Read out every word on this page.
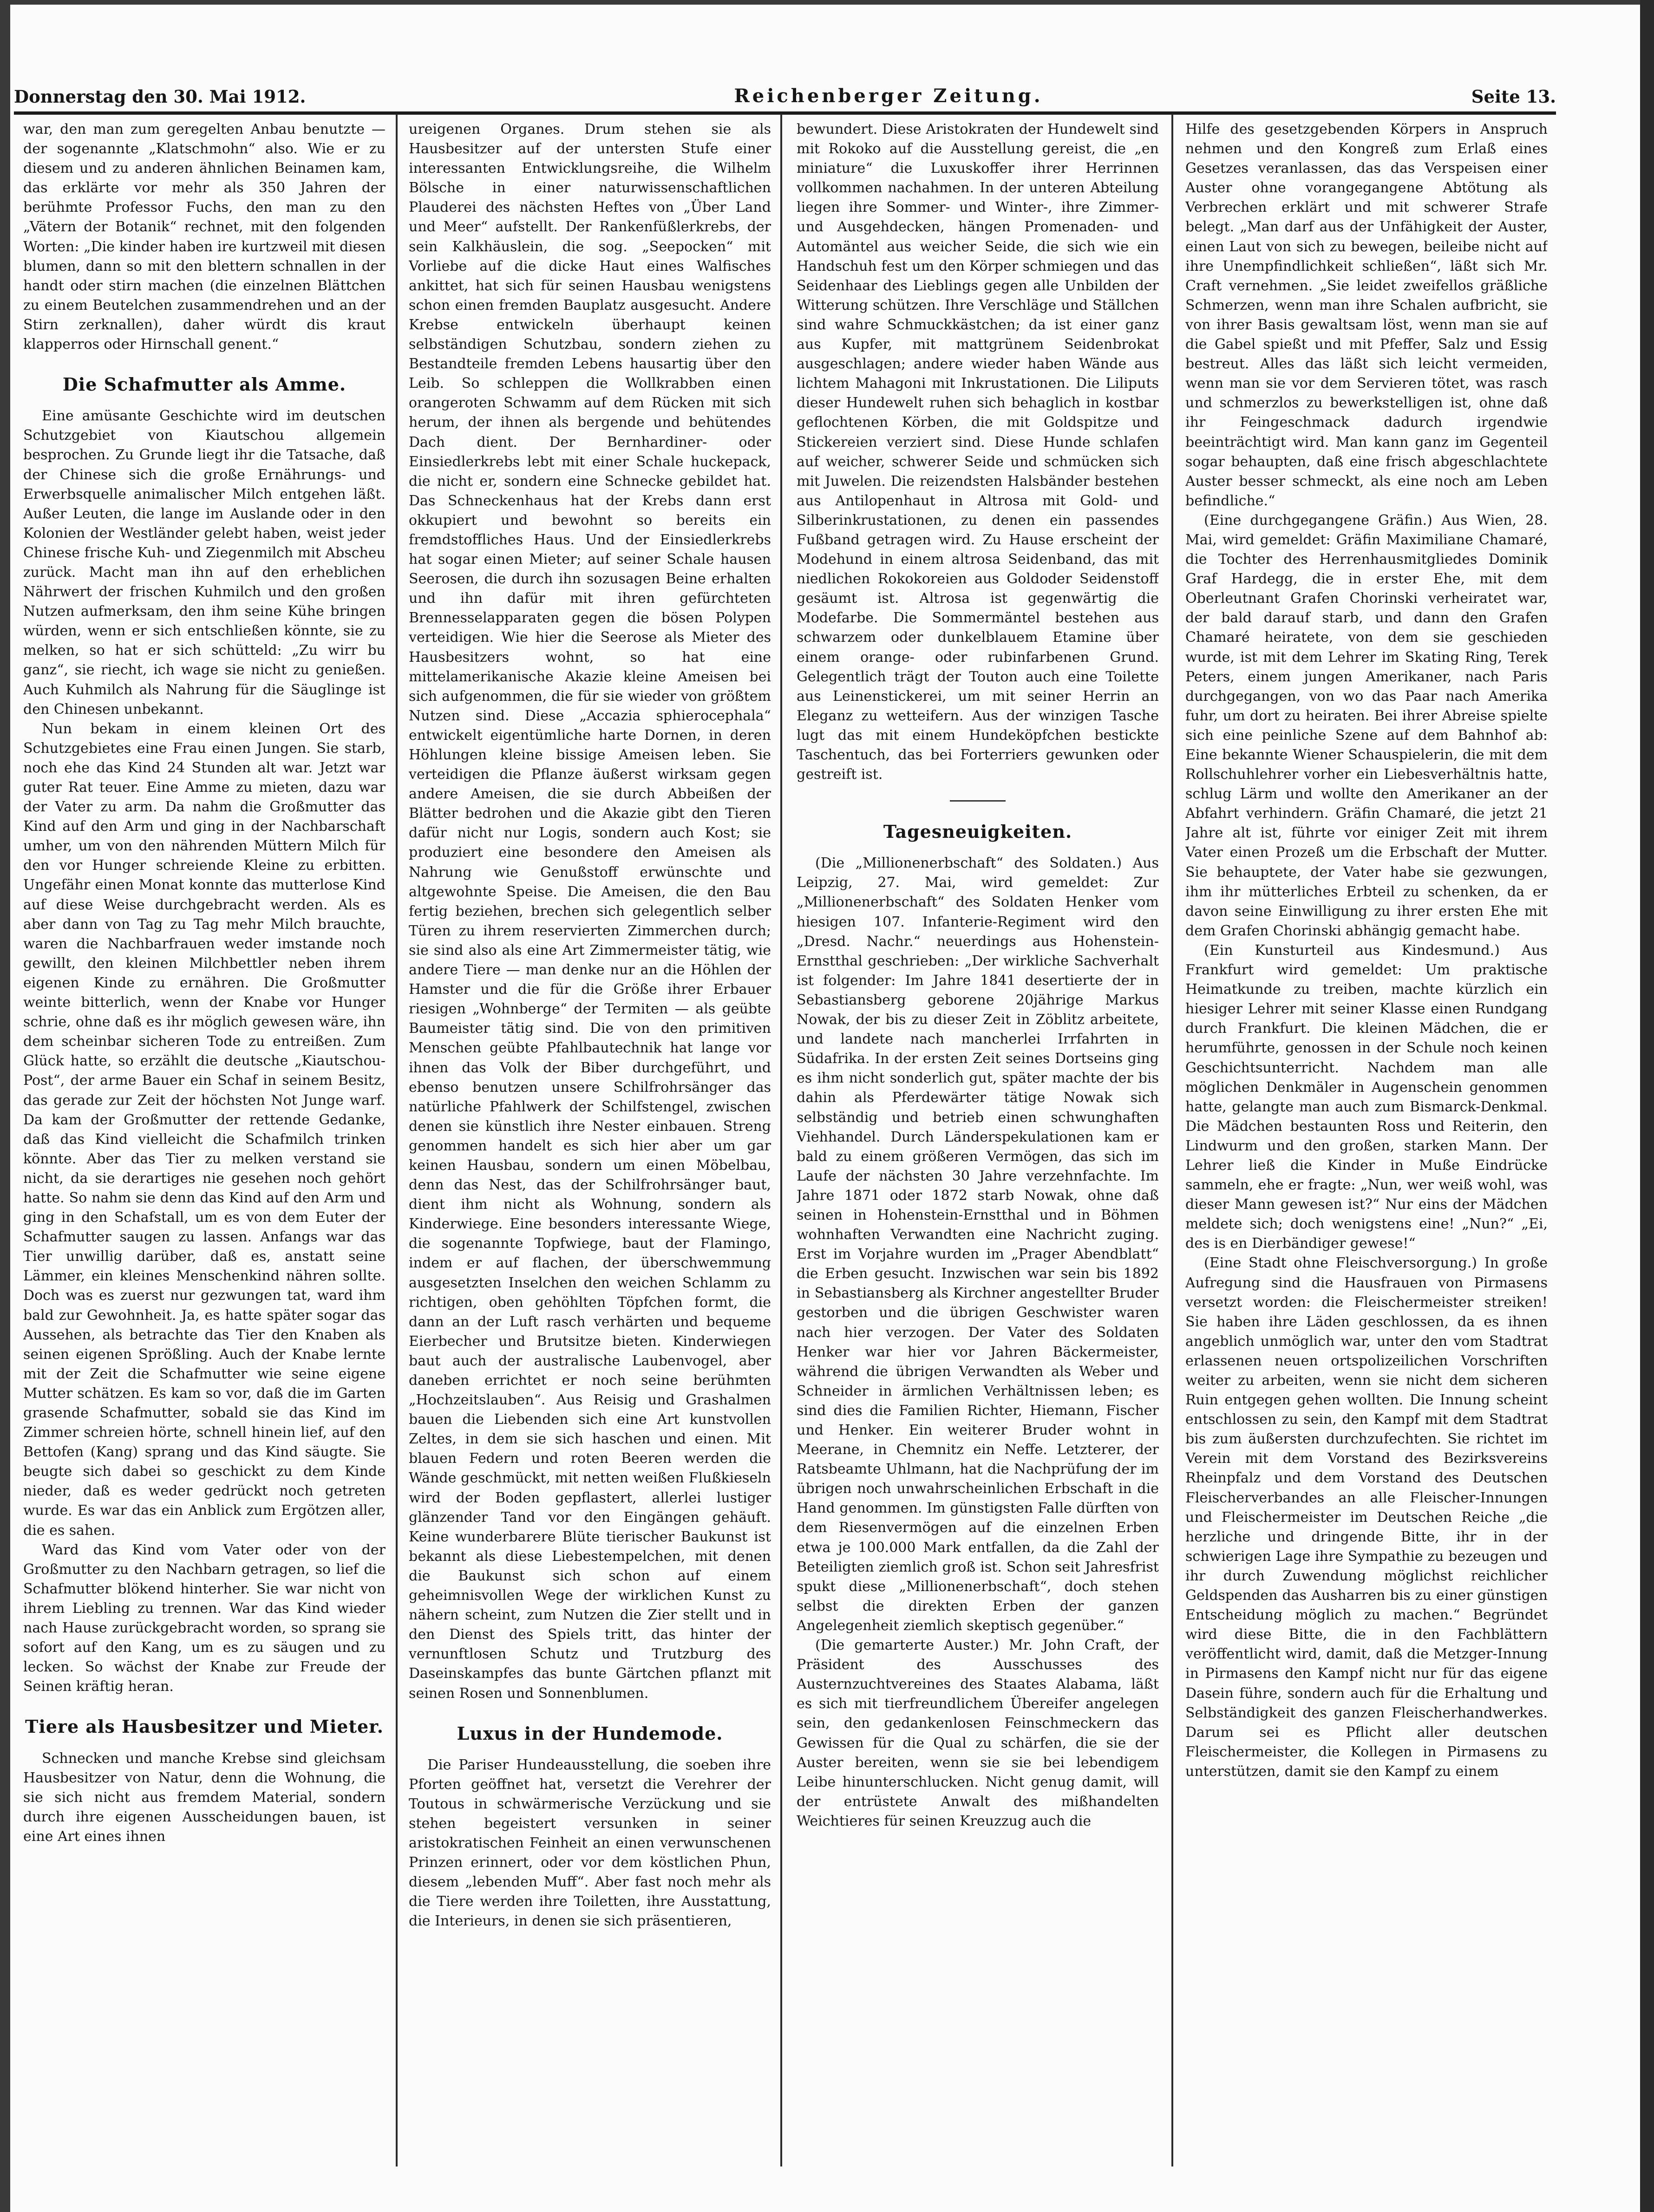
Donnerstag den 30. Mai 1912.	Reichenberger Zeitung.	Seite 13.

war, den man zum geregelten Anbau benutzte — der sogenannte „Klatschmohn“ also. Wie er zu diesem und zu anderen ähnlichen Beinamen kam, das erklärte vor mehr als 350 Jahren der berühmte Professor Fuchs, den man zu den „Vätern der Botanik“ rechnet, mit den folgenden Worten: „Die kinder haben ire kurtzweil mit diesen blumen, dann so mit den blettern schnallen in der handt oder stirn machen (die einzelnen Blättchen zu einem Beutelchen zusammendrehen und an der Stirn zerknallen), daher würdt dis kraut klapperros oder Hirnschall genent.“

Die Schafmutter als Amme.

Eine amüsante Geschichte wird im deutschen Schutzgebiet von Kiautschou allgemein besprochen. Zu Grunde liegt ihr die Tatsache, daß der Chinese sich die große Ernährungs- und Erwerbsquelle animalischer Milch entgehen läßt. Außer Leuten, die lange im Auslande oder in den Kolonien der Westländer gelebt haben, weist jeder Chinese frische Kuh- und Ziegenmilch mit Abscheu zurück. Macht man ihn auf den erheblichen Nährwert der frischen Kuhmilch und den großen Nutzen aufmerksam, den ihm seine Kühe bringen würden, wenn er sich entschließen könnte, sie zu melken, so hat er sich schütteld: „Zu wirr bu ganz“, sie riecht, ich wage sie nicht zu genießen. Auch Kuhmilch als Nahrung für die Säuglinge ist den Chinesen unbekannt.

Nun bekam in einem kleinen Ort des Schutzgebietes eine Frau einen Jungen. Sie starb, noch ehe das Kind 24 Stunden alt war. Jetzt war guter Rat teuer. Eine Amme zu mieten, dazu war der Vater zu arm. Da nahm die Großmutter das Kind auf den Arm und ging in der Nachbarschaft umher, um von den nährenden Müttern Milch für den vor Hunger schreiende Kleine zu erbitten. Ungefähr einen Monat konnte das mutterlose Kind auf diese Weise durchgebracht werden. Als es aber dann von Tag zu Tag mehr Milch brauchte, waren die Nachbarfrauen weder imstande noch gewillt, den kleinen Milchbettler neben ihrem eigenen Kinde zu ernähren. Die Großmutter weinte bitterlich, wenn der Knabe vor Hunger schrie, ohne daß es ihr möglich gewesen wäre, ihn dem scheinbar sicheren Tode zu entreißen. Zum Glück hatte, so erzählt die deutsche „Kiautschou-Post“, der arme Bauer ein Schaf in seinem Besitz, das gerade zur Zeit der höchsten Not Junge warf. Da kam der Großmutter der rettende Gedanke, daß das Kind vielleicht die Schafmilch trinken könnte. Aber das Tier zu melken verstand sie nicht, da sie derartiges nie gesehen noch gehört hatte. So nahm sie denn das Kind auf den Arm und ging in den Schafstall, um es von dem Euter der Schafmutter saugen zu lassen. Anfangs war das Tier unwillig darüber, daß es, anstatt seine Lämmer, ein kleines Menschenkind nähren sollte. Doch was es zuerst nur gezwungen tat, ward ihm bald zur Gewohnheit. Ja, es hatte später sogar das Aussehen, als betrachte das Tier den Knaben als seinen eigenen Sprößling. Auch der Knabe lernte mit der Zeit die Schafmutter wie seine eigene Mutter schätzen. Es kam so vor, daß die im Garten grasende Schafmutter, sobald sie das Kind im Zimmer schreien hörte, schnell hinein lief, auf den Bettofen (Kang) sprang und das Kind säugte. Sie beugte sich dabei so geschickt zu dem Kinde nieder, daß es weder gedrückt noch getreten wurde. Es war das ein Anblick zum Ergötzen aller, die es sahen.

Ward das Kind vom Vater oder von der Großmutter zu den Nachbarn getragen, so lief die Schafmutter blökend hinterher. Sie war nicht von ihrem Liebling zu trennen. War das Kind wieder nach Hause zurückgebracht worden, so sprang sie sofort auf den Kang, um es zu säugen und zu lecken. So wächst der Knabe zur Freude der Seinen kräftig heran.

Tiere als Hausbesitzer und Mieter.

Schnecken und manche Krebse sind gleichsam Hausbesitzer von Natur, denn die Wohnung, die sie sich nicht aus fremdem Material, sondern durch ihre eigenen Ausscheidungen bauen, ist eine Art eines ihnen

ureigenen Organes. Drum stehen sie als Hausbesitzer auf der untersten Stufe einer interessanten Entwicklungsreihe, die Wilhelm Bölsche in einer naturwissenschaftlichen Plauderei des nächsten Heftes von „Über Land und Meer“ aufstellt. Der Rankenfüßlerkrebs, der sein Kalkhäuslein, die sog. „Seepocken“ mit Vorliebe auf die dicke Haut eines Walfisches ankittet, hat sich für seinen Hausbau wenigstens schon einen fremden Bauplatz ausgesucht. Andere Krebse entwickeln überhaupt keinen selbständigen Schutzbau, sondern ziehen zu Bestandteile fremden Lebens hausartig über den Leib. So schleppen die Wollkrabben einen orangeroten Schwamm auf dem Rücken mit sich herum, der ihnen als bergende und behütendes Dach dient. Der Bernhardiner- oder Einsiedlerkrebs lebt mit einer Schale huckepack, die nicht er, sondern eine Schnecke gebildet hat. Das Schneckenhaus hat der Krebs dann erst okkupiert und bewohnt so bereits ein fremdstoffliches Haus. Und der Einsiedlerkrebs hat sogar einen Mieter; auf seiner Schale hausen Seerosen, die durch ihn sozusagen Beine erhalten und ihn dafür mit ihren gefürchteten Brennesselapparaten gegen die bösen Polypen verteidigen. Wie hier die Seerose als Mieter des Hausbesitzers wohnt, so hat eine mittelamerikanische Akazie kleine Ameisen bei sich aufgenommen, die für sie wieder von größtem Nutzen sind. Diese „Accazia sphierocephala“ entwickelt eigentümliche harte Dornen, in deren Höhlungen kleine bissige Ameisen leben. Sie verteidigen die Pflanze äußerst wirksam gegen andere Ameisen, die sie durch Abbeißen der Blätter bedrohen und die Akazie gibt den Tieren dafür nicht nur Logis, sondern auch Kost; sie produziert eine besondere den Ameisen als Nahrung wie Genußstoff erwünschte und altgewohnte Speise. Die Ameisen, die den Bau fertig beziehen, brechen sich gelegentlich selber Türen zu ihrem reservierten Zimmerchen durch; sie sind also als eine Art Zimmermeister tätig, wie andere Tiere — man denke nur an die Höhlen der Hamster und die für die Größe ihrer Erbauer riesigen „Wohnberge“ der Termiten — als geübte Baumeister tätig sind. Die von den primitiven Menschen geübte Pfahlbautechnik hat lange vor ihnen das Volk der Biber durchgeführt, und ebenso benutzen unsere Schilfrohrsänger das natürliche Pfahlwerk der Schilfstengel, zwischen denen sie künstlich ihre Nester einbauen. Streng genommen handelt es sich hier aber um gar keinen Hausbau, sondern um einen Möbelbau, denn das Nest, das der Schilfrohrsänger baut, dient ihm nicht als Wohnung, sondern als Kinderwiege. Eine besonders interessante Wiege, die sogenannte Topfwiege, baut der Flamingo, indem er auf flachen, der überschwemmung ausgesetzten Inselchen den weichen Schlamm zu richtigen, oben gehöhlten Töpfchen formt, die dann an der Luft rasch verhärten und bequeme Eierbecher und Brutsitze bieten. Kinderwiegen baut auch der australische Laubenvogel, aber daneben errichtet er noch seine berühmten „Hochzeitslauben“. Aus Reisig und Grashalmen bauen die Liebenden sich eine Art kunstvollen Zeltes, in dem sie sich haschen und einen. Mit blauen Federn und roten Beeren werden die Wände geschmückt, mit netten weißen Flußkieseln wird der Boden gepflastert, allerlei lustiger glänzender Tand vor den Eingängen gehäuft. Keine wunderbarere Blüte tierischer Baukunst ist bekannt als diese Liebestempelchen, mit denen die Baukunst sich schon auf einem geheimnisvollen Wege der wirklichen Kunst zu nähern scheint, zum Nutzen die Zier stellt und in den Dienst des Spiels tritt, das hinter der vernunftlosen Schutz und Trutzburg des Daseinskampfes das bunte Gärtchen pflanzt mit seinen Rosen und Sonnenblumen.

Luxus in der Hundemode.

Die Pariser Hundeausstellung, die soeben ihre Pforten geöffnet hat, versetzt die Verehrer der Toutous in schwärmerische Verzückung und sie stehen begeistert versunken in seiner aristokratischen Feinheit an einen verwunschenen Prinzen erinnert, oder vor dem köstlichen Phun, diesem „lebenden Muff“. Aber fast noch mehr als die Tiere werden ihre Toiletten, ihre Ausstattung, die Interieurs, in denen sie sich präsentieren,

bewundert. Diese Aristokraten der Hundewelt sind mit Rokoko auf die Ausstellung gereist, die „en miniature“ die Luxuskoffer ihrer Herrinnen vollkommen nachahmen. In der unteren Abteilung liegen ihre Sommer- und Winter-, ihre Zimmer- und Ausgehdecken, hängen Promenaden- und Automäntel aus weicher Seide, die sich wie ein Handschuh fest um den Körper schmiegen und das Seidenhaar des Lieblings gegen alle Unbilden der Witterung schützen. Ihre Verschläge und Ställchen sind wahre Schmuckkästchen; da ist einer ganz aus Kupfer, mit mattgrünem Seidenbrokat ausgeschlagen; andere wieder haben Wände aus lichtem Mahagoni mit Inkrustationen. Die Liliputs dieser Hundewelt ruhen sich behaglich in kostbar geflochtenen Körben, die mit Goldspitze und Stickereien verziert sind. Diese Hunde schlafen auf weicher, schwerer Seide und schmücken sich mit Juwelen. Die reizendsten Halsbänder bestehen aus Antilopenhaut in Altrosa mit Gold- und Silberinkrustationen, zu denen ein passendes Fußband getragen wird. Zu Hause erscheint der Modehund in einem altrosa Seidenband, das mit niedlichen Rokokoreien aus Goldoder Seidenstoff gesäumt ist. Altrosa ist gegenwärtig die Modefarbe. Die Sommermäntel bestehen aus schwarzem oder dunkelblauem Etamine über einem orange- oder rubinfarbenen Grund. Gelegentlich trägt der Touton auch eine Toilette aus Leinenstickerei, um mit seiner Herrin an Eleganz zu wetteifern. Aus der winzigen Tasche lugt das mit einem Hundeköpfchen bestickte Taschentuch, das bei Forterriers gewunken oder gestreift ist.

Tagesneuigkeiten.

(Die „Millionenerbschaft“ des Soldaten.) Aus Leipzig, 27. Mai, wird gemeldet: Zur „Millionenerbschaft“ des Soldaten Henker vom hiesigen 107. Infanterie-Regiment wird den „Dresd. Nachr.“ neuerdings aus Hohenstein-Ernstthal geschrieben: „Der wirkliche Sachverhalt ist folgender: Im Jahre 1841 desertierte der in Sebastiansberg geborene 20jährige Markus Nowak, der bis zu dieser Zeit in Zöblitz arbeitete, und landete nach mancherlei Irrfahrten in Südafrika. In der ersten Zeit seines Dortseins ging es ihm nicht sonderlich gut, später machte der bis dahin als Pferdewärter tätige Nowak sich selbständig und betrieb einen schwunghaften Viehhandel. Durch Länderspekulationen kam er bald zu einem größeren Vermögen, das sich im Laufe der nächsten 30 Jahre verzehnfachte. Im Jahre 1871 oder 1872 starb Nowak, ohne daß seinen in Hohenstein-Ernstthal und in Böhmen wohnhaften Verwandten eine Nachricht zuging. Erst im Vorjahre wurden im „Prager Abendblatt“ die Erben gesucht. Inzwischen war sein bis 1892 in Sebastiansberg als Kirchner angestellter Bruder gestorben und die übrigen Geschwister waren nach hier verzogen. Der Vater des Soldaten Henker war hier vor Jahren Bäckermeister, während die übrigen Verwandten als Weber und Schneider in ärmlichen Verhältnissen leben; es sind dies die Familien Richter, Hiemann, Fischer und Henker. Ein weiterer Bruder wohnt in Meerane, in Chemnitz ein Neffe. Letzterer, der Ratsbeamte Uhlmann, hat die Nachprüfung der im übrigen noch unwahrscheinlichen Erbschaft in die Hand genommen. Im günstigsten Falle dürften von dem Riesenvermögen auf die einzelnen Erben etwa je 100.000 Mark entfallen, da die Zahl der Beteiligten ziemlich groß ist. Schon seit Jahresfrist spukt diese „Millionenerbschaft“, doch stehen selbst die direkten Erben der ganzen Angelegenheit ziemlich skeptisch gegenüber.“

(Die gemarterte Auster.) Mr. John Craft, der Präsident des Ausschusses des Austernzuchtvereines des Staates Alabama, läßt es sich mit tierfreundlichem Übereifer angelegen sein, den gedankenlosen Feinschmeckern das Gewissen für die Qual zu schärfen, die sie der Auster bereiten, wenn sie sie bei lebendigem Leibe hinunterschlucken. Nicht genug damit, will der entrüstete Anwalt des mißhandelten Weichtieres für seinen Kreuzzug auch die

Hilfe des gesetzgebenden Körpers in Anspruch nehmen und den Kongreß zum Erlaß eines Gesetzes veranlassen, das das Verspeisen einer Auster ohne vorangegangene Abtötung als Verbrechen erklärt und mit schwerer Strafe belegt. „Man darf aus der Unfähigkeit der Auster, einen Laut von sich zu bewegen, beileibe nicht auf ihre Unempfindlichkeit schließen“, läßt sich Mr. Craft vernehmen. „Sie leidet zweifellos gräßliche Schmerzen, wenn man ihre Schalen aufbricht, sie von ihrer Basis gewaltsam löst, wenn man sie auf die Gabel spießt und mit Pfeffer, Salz und Essig bestreut. Alles das läßt sich leicht vermeiden, wenn man sie vor dem Servieren tötet, was rasch und schmerzlos zu bewerkstelligen ist, ohne daß ihr Feingeschmack dadurch irgendwie beeinträchtigt wird. Man kann ganz im Gegenteil sogar behaupten, daß eine frisch abgeschlachtete Auster besser schmeckt, als eine noch am Leben befindliche.“

(Eine durchgegangene Gräfin.) Aus Wien, 28. Mai, wird gemeldet: Gräfin Maximiliane Chamaré, die Tochter des Herrenhausmitgliedes Dominik Graf Hardegg, die in erster Ehe, mit dem Oberleutnant Grafen Chorinski verheiratet war, der bald darauf starb, und dann den Grafen Chamaré heiratete, von dem sie geschieden wurde, ist mit dem Lehrer im Skating Ring, Terek Peters, einem jungen Amerikaner, nach Paris durchgegangen, von wo das Paar nach Amerika fuhr, um dort zu heiraten. Bei ihrer Abreise spielte sich eine peinliche Szene auf dem Bahnhof ab: Eine bekannte Wiener Schauspielerin, die mit dem Rollschuhlehrer vorher ein Liebesverhältnis hatte, schlug Lärm und wollte den Amerikaner an der Abfahrt verhindern. Gräfin Chamaré, die jetzt 21 Jahre alt ist, führte vor einiger Zeit mit ihrem Vater einen Prozeß um die Erbschaft der Mutter. Sie behauptete, der Vater habe sie gezwungen, ihm ihr mütterliches Erbteil zu schenken, da er davon seine Einwilligung zu ihrer ersten Ehe mit dem Grafen Chorinski abhängig gemacht habe.

(Ein Kunsturteil aus Kindesmund.) Aus Frankfurt wird gemeldet: Um praktische Heimatkunde zu treiben, machte kürzlich ein hiesiger Lehrer mit seiner Klasse einen Rundgang durch Frankfurt. Die kleinen Mädchen, die er herumführte, genossen in der Schule noch keinen Geschichtsunterricht. Nachdem man alle möglichen Denkmäler in Augenschein genommen hatte, gelangte man auch zum Bismarck-Denkmal. Die Mädchen bestaunten Ross und Reiterin, den Lindwurm und den großen, starken Mann. Der Lehrer ließ die Kinder in Muße Eindrücke sammeln, ehe er fragte: „Nun, wer weiß wohl, was dieser Mann gewesen ist?“ Nur eins der Mädchen meldete sich; doch wenigstens eine! „Nun?“ „Ei, des is en Dierbändiger gewese!“

(Eine Stadt ohne Fleischversorgung.) In große Aufregung sind die Hausfrauen von Pirmasens versetzt worden: die Fleischermeister streiken! Sie haben ihre Läden geschlossen, da es ihnen angeblich unmöglich war, unter den vom Stadtrat erlassenen neuen ortspolizeilichen Vorschriften weiter zu arbeiten, wenn sie nicht dem sicheren Ruin entgegen gehen wollten. Die Innung scheint entschlossen zu sein, den Kampf mit dem Stadtrat bis zum äußersten durchzufechten. Sie richtet im Verein mit dem Vorstand des Bezirksvereins Rheinpfalz und dem Vorstand des Deutschen Fleischerverbandes an alle Fleischer-Innungen und Fleischermeister im Deutschen Reiche „die herzliche und dringende Bitte, ihr in der schwierigen Lage ihre Sympathie zu bezeugen und ihr durch Zuwendung möglichst reichlicher Geldspenden das Ausharren bis zu einer günstigen Entscheidung möglich zu machen.“ Begründet wird diese Bitte, die in den Fachblättern veröffentlicht wird, damit, daß die Metzger-Innung in Pirmasens den Kampf nicht nur für das eigene Dasein führe, sondern auch für die Erhaltung und Selbständigkeit des ganzen Fleischerhandwerkes. Darum sei es Pflicht aller deutschen Fleischermeister, die Kollegen in Pirmasens zu unterstützen, damit sie den Kampf zu einem
